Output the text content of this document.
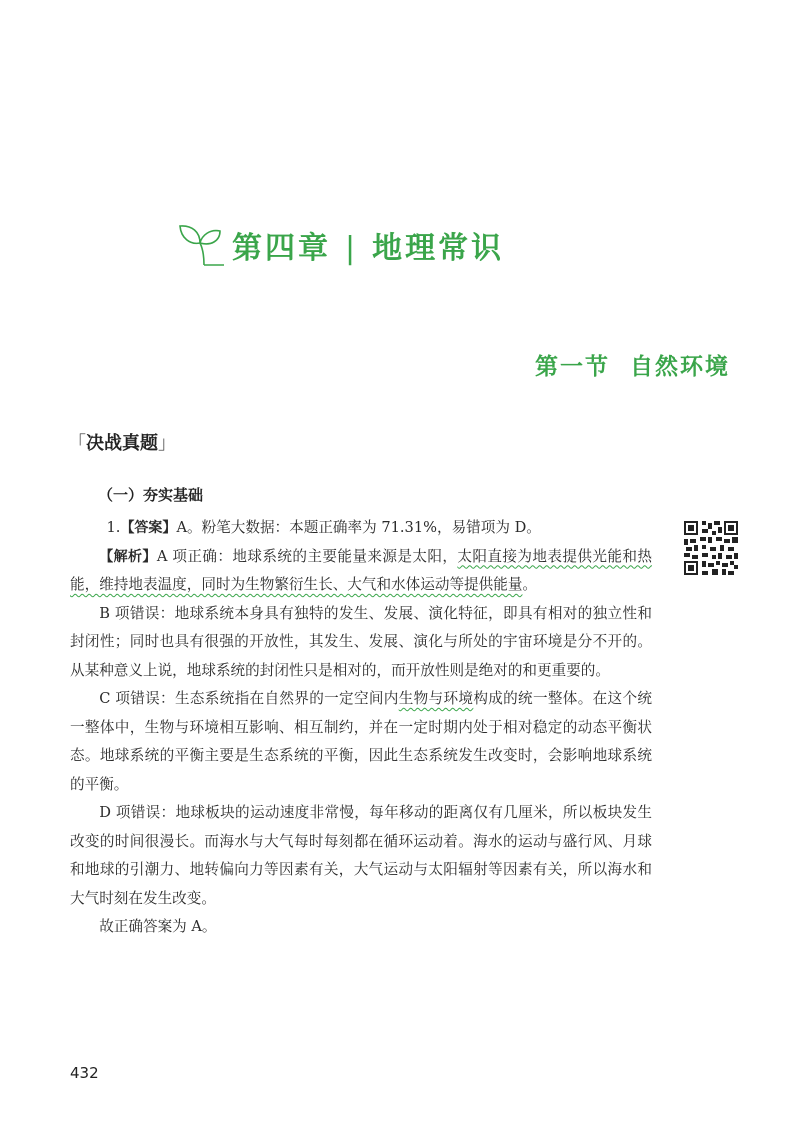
第四章 | 地理常识
第一节 自然环境
「 决战真题 」
（一）夯实基础

1.【答案】A。粉笔大数据：本题正确率为 71.31%，易错项为 D。

【解析】A 项正确：地球系统的主要能量来源是太阳，太阳直接为地表提供光能和热能，维持地表温度，同时为生物繁衍生长、大气和水体运动等提供能量。

B 项错误：地球系统本身具有独特的发生、发展、演化特征，即具有相对的独立性和封闭性；同时也具有很强的开放性，其发生、发展、演化与所处的宇宙环境是分不开的。从某种意义上说，地球系统的封闭性只是相对的，而开放性则是绝对的和更重要的。

C 项错误：生态系统指在自然界的一定空间内生物与环境构成的统一整体。在这个统一整体中，生物与环境相互影响、相互制约，并在一定时期内处于相对稳定的动态平衡状态。地球系统的平衡主要是生态系统的平衡，因此生态系统发生改变时，会影响地球系统的平衡。

D 项错误：地球板块的运动速度非常慢，每年移动的距离仅有几厘米，所以板块发生改变的时间很漫长。而海水与大气每时每刻都在循环运动着。海水的运动与盛行风、月球和地球的引潮力、地转偏向力等因素有关，大气运动与太阳辐射等因素有关，所以海水和大气时刻在发生改变。

故正确答案为 A。

432
